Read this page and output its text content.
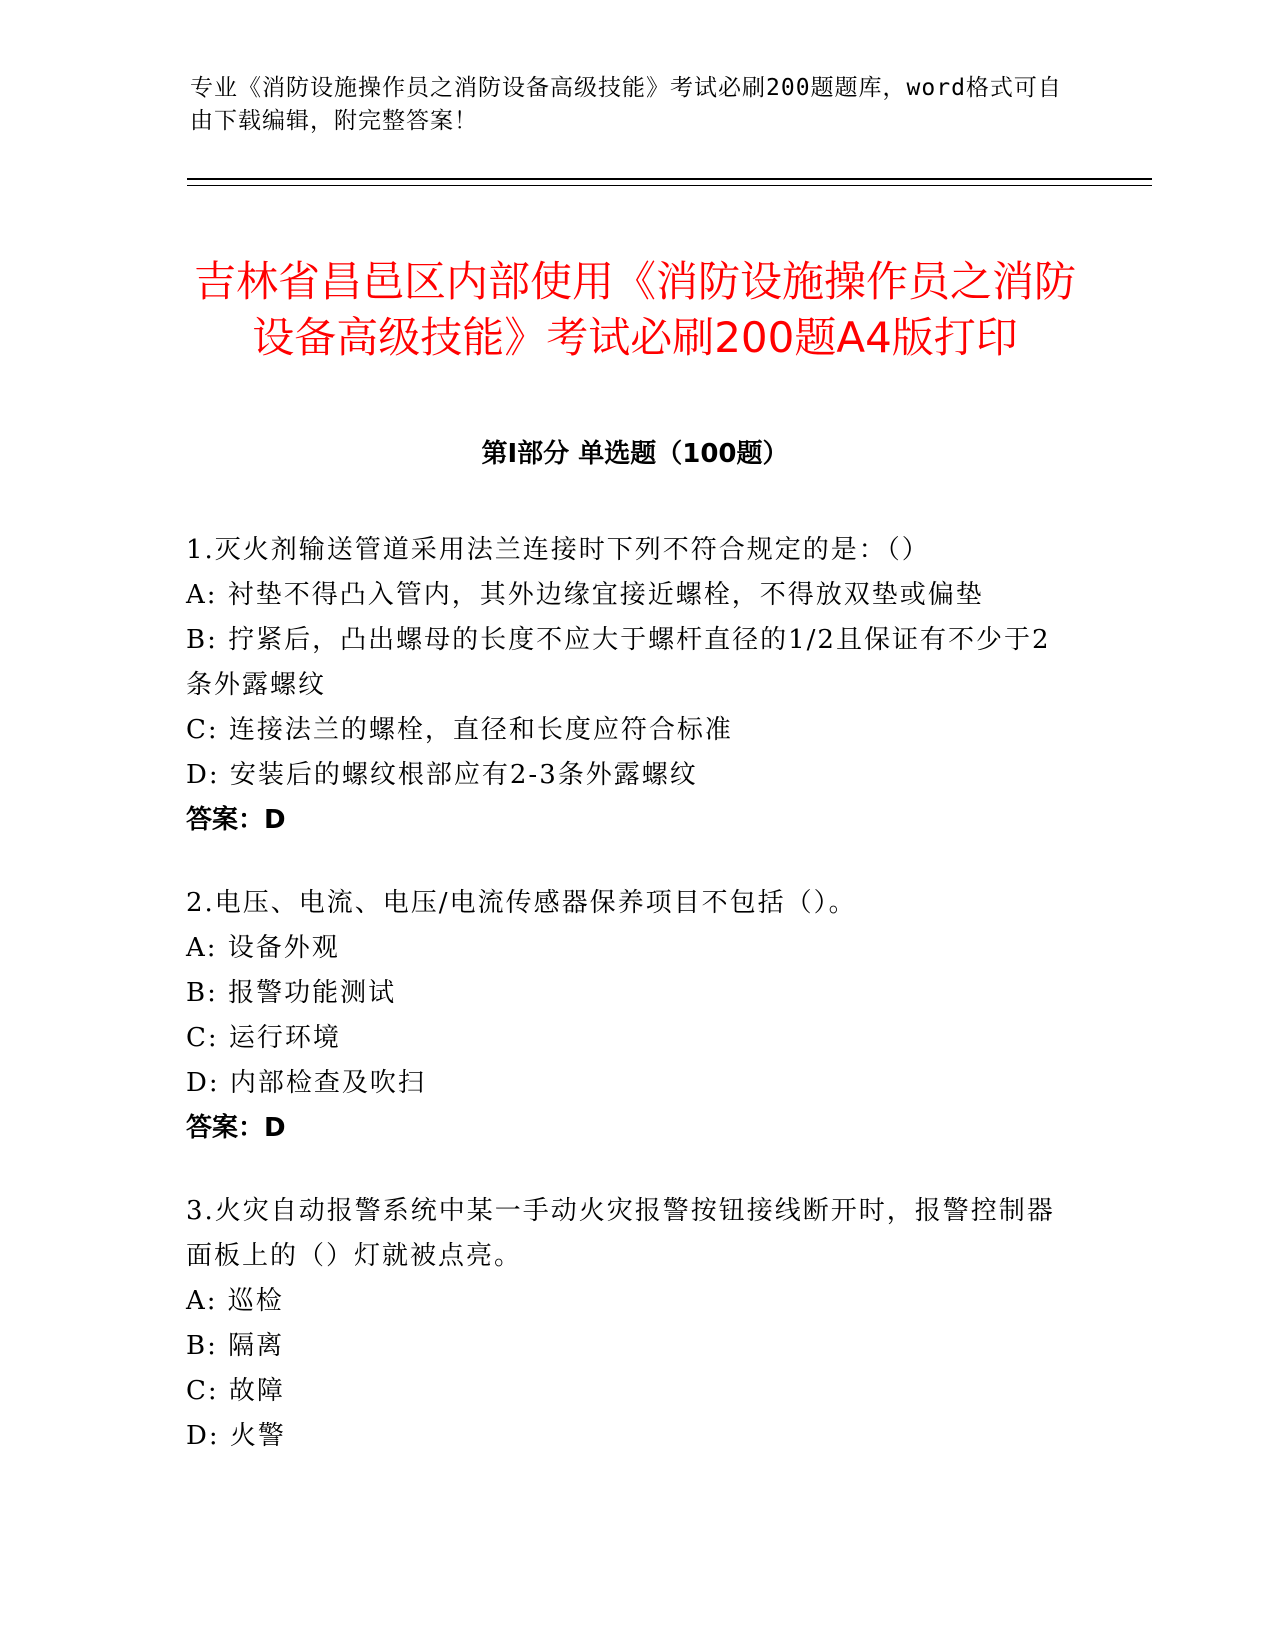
专业《消防设施操作员之消防设备高级技能》考试必刷200题题库，word格式可自由下载编辑，附完整答案！
吉林省昌邑区内部使用《消防设施操作员之消防设备高级技能》考试必刷200题A4版打印
第I部分 单选题（100题）
1.灭火剂输送管道采用法兰连接时下列不符合规定的是：（）
A: 衬垫不得凸入管内，其外边缘宜接近螺栓，不得放双垫或偏垫
B: 拧紧后，凸出螺母的长度不应大于螺杆直径的1/2且保证有不少于2条外露螺纹
C: 连接法兰的螺栓，直径和长度应符合标准
D: 安装后的螺纹根部应有2-3条外露螺纹
答案：D
2.电压、电流、电压/电流传感器保养项目不包括（）。
A: 设备外观
B: 报警功能测试
C: 运行环境
D: 内部检查及吹扫
答案：D
3.火灾自动报警系统中某一手动火灾报警按钮接线断开时，报警控制器面板上的（）灯就被点亮。
A: 巡检
B: 隔离
C: 故障
D: 火警
